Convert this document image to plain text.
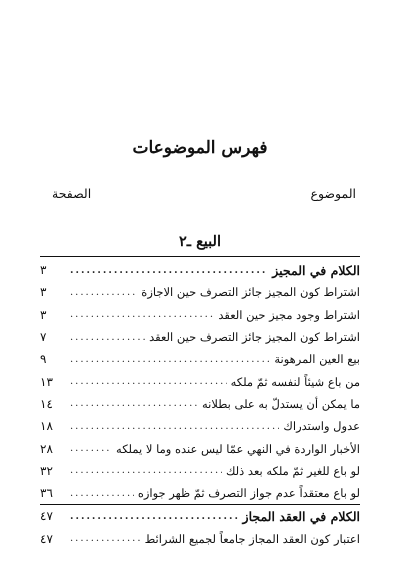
فهرس الموضوعات
الموضوع
الصفحة
البيع ـ٢
الكلام في المجيز
.....
٣
اشتراط كون المجيز جائز التصرف حين الاجازة
.....
٣
اشتراط وجود مجيز حين العقد
.....
٣
اشتراط كون المجيز جائز التصرف حين العقد
.....
٧
بيع العين المرهونة
.....
٩
من باع شيئاً لنفسه ثمّ ملكه
.....
١٣
ما يمكن أن يستدلّ به على بطلانه
.....
١٤
عدول واستدراك
.....
١٨
الأخبار الواردة في النهي عمّا ليس عنده وما لا يملكه
.....
٢٨
لو باع للغير ثمّ ملكه بعد ذلك
.....
٣٢
لو باع معتقداً عدم جواز التصرف ثمّ ظهر جوازه
.....
٣٦
الكلام في العقد المجاز
.....
٤٧
اعتبار كون العقد المجاز جامعاً لجميع الشرائط
.....
٤٧
